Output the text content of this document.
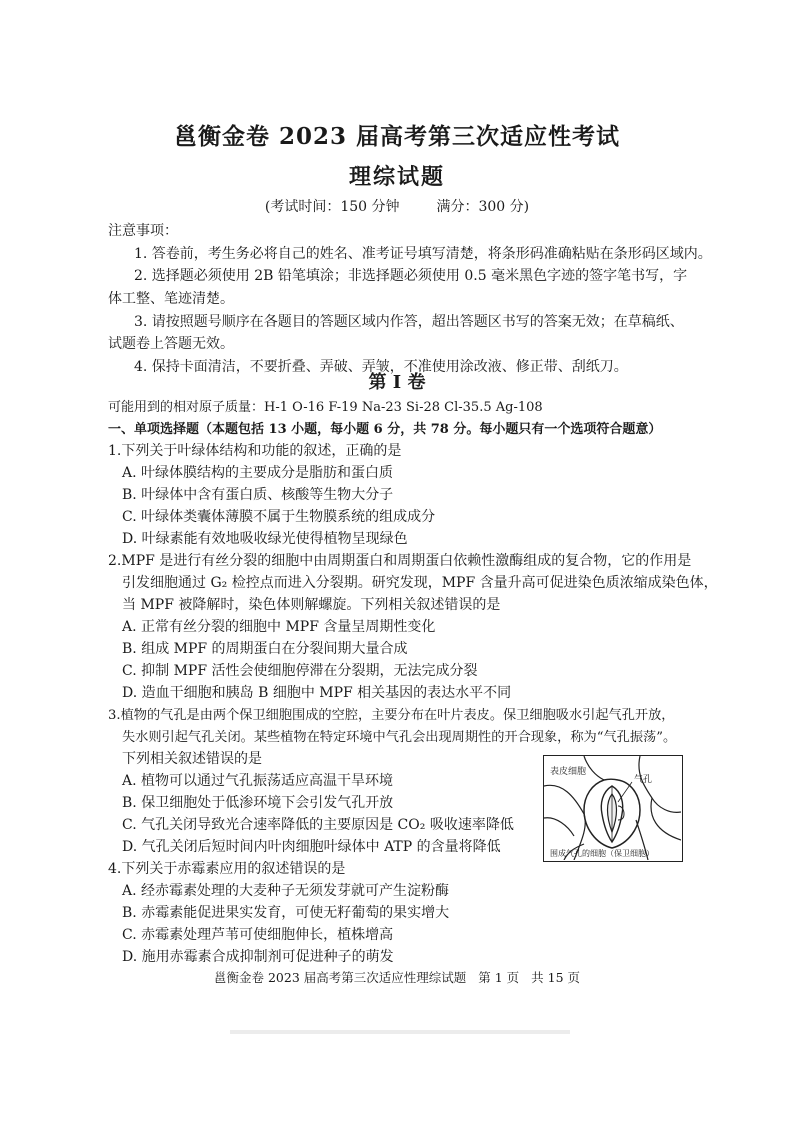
邕衡金卷 2023 届高考第三次适应性考试
理综试题
(考试时间：150 分钟	满分：300 分)
注意事项：
1. 答卷前，考生务必将自己的姓名、准考证号填写清楚，将条形码准确粘贴在条形码区域内。
2. 选择题必须使用 2B 铅笔填涂；非选择题必须使用 0.5 毫米黑色字迹的签字笔书写，字
体工整、笔迹清楚。
3. 请按照题号顺序在各题目的答题区域内作答，超出答题区书写的答案无效；在草稿纸、
试题卷上答题无效。
4. 保持卡面清洁，不要折叠、弄破、弄皱，不准使用涂改液、修正带、刮纸刀。
第 I 卷
可能用到的相对原子质量：H-1 O-16 F-19 Na-23 Si-28 Cl-35.5 Ag-108
一、单项选择题（本题包括 13 小题，每小题 6 分，共 78 分。每小题只有一个选项符合题意）
1.下列关于叶绿体结构和功能的叙述，正确的是
A. 叶绿体膜结构的主要成分是脂肪和蛋白质
B. 叶绿体中含有蛋白质、核酸等生物大分子
C. 叶绿体类囊体薄膜不属于生物膜系统的组成成分
D. 叶绿素能有效地吸收绿光使得植物呈现绿色
2.MPF 是进行有丝分裂的细胞中由周期蛋白和周期蛋白依赖性激酶组成的复合物，它的作用是
引发细胞通过 G₂ 检控点而进入分裂期。研究发现，MPF 含量升高可促进染色质浓缩成染色体，
当 MPF 被降解时，染色体则解螺旋。下列相关叙述错误的是
A. 正常有丝分裂的细胞中 MPF 含量呈周期性变化
B. 组成 MPF 的周期蛋白在分裂间期大量合成
C. 抑制 MPF 活性会使细胞停滞在分裂期，无法完成分裂
D. 造血干细胞和胰岛 B 细胞中 MPF 相关基因的表达水平不同
3.植物的气孔是由两个保卫细胞围成的空腔，主要分布在叶片表皮。保卫细胞吸水引起气孔开放，
失水则引起气孔关闭。某些植物在特定环境中气孔会出现周期性的开合现象，称为“气孔振荡”。
下列相关叙述错误的是
A. 植物可以通过气孔振荡适应高温干旱环境
B. 保卫细胞处于低渗环境下会引发气孔开放
C. 气孔关闭导致光合速率降低的主要原因是 CO₂ 吸收速率降低
D. 气孔关闭后短时间内叶肉细胞叶绿体中 ATP 的含量将降低
4.下列关于赤霉素应用的叙述错误的是
A. 经赤霉素处理的大麦种子无须发芽就可产生淀粉酶
B. 赤霉素能促进果实发育，可使无籽葡萄的果实增大
C. 赤霉素处理芦苇可使细胞伸长，植株增高
D. 施用赤霉素合成抑制剂可促进种子的萌发
邕衡金卷 2023 届高考第三次适应性理综试题 第 1 页 共 15 页
表皮细胞
气孔
围成气孔的细胞（保卫细胞）
